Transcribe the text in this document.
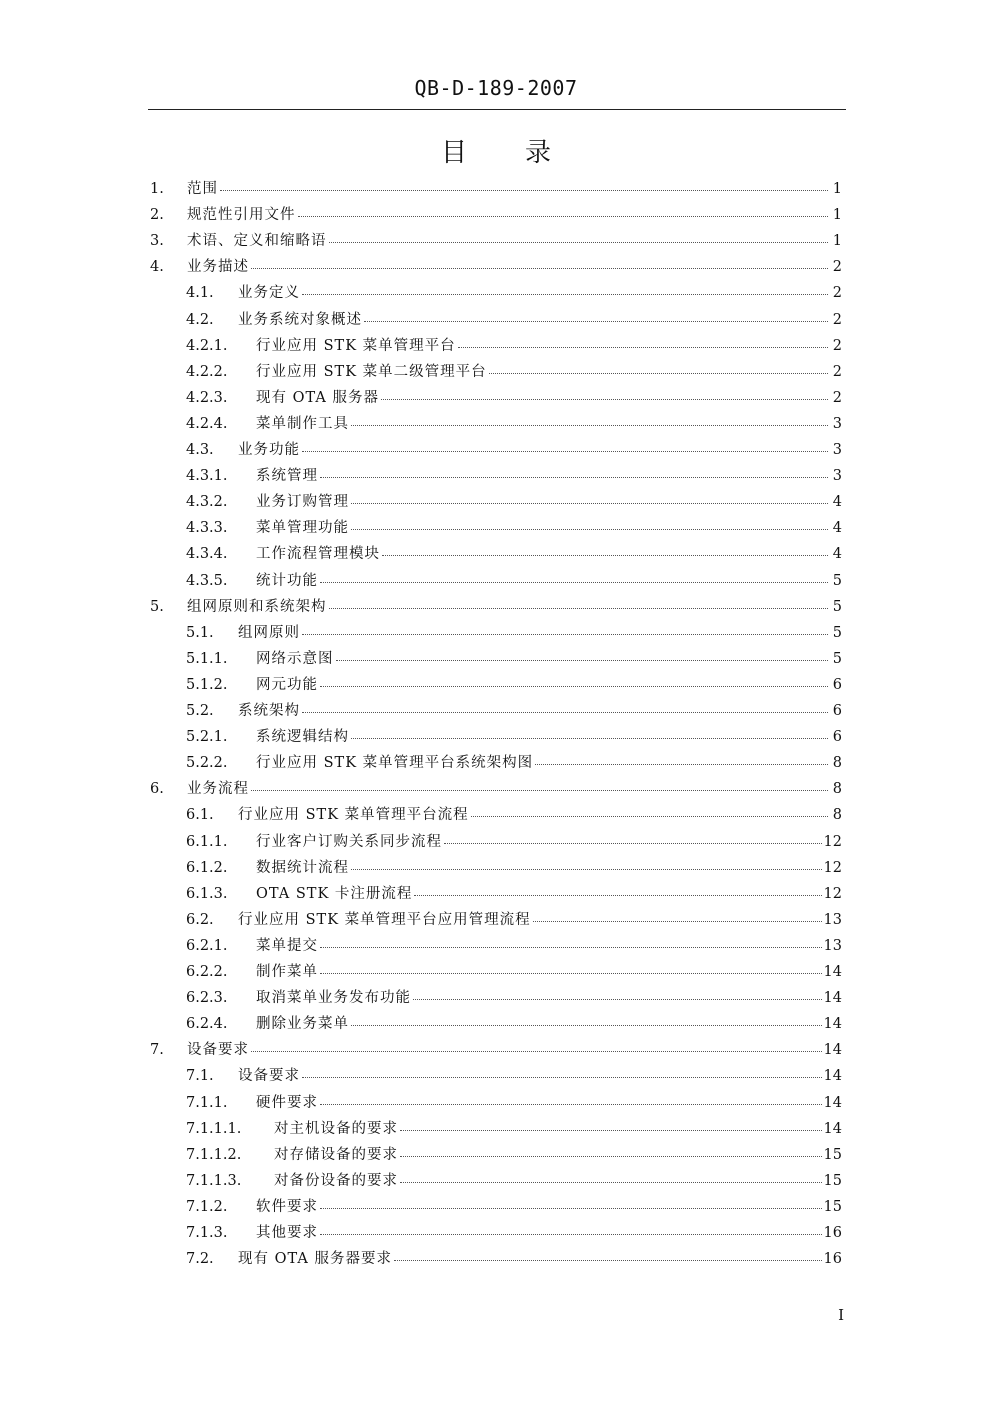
QB-D-189-2007
目录
1. 范围	1
2. 规范性引用文件	1
3. 术语、定义和缩略语	1
4. 业务描述	2
4.1. 业务定义	2
4.2. 业务系统对象概述	2
4.2.1. 行业应用 STK 菜单管理平台	2
4.2.2. 行业应用 STK 菜单二级管理平台	2
4.2.3. 现有 OTA 服务器	2
4.2.4. 菜单制作工具	3
4.3. 业务功能	3
4.3.1. 系统管理	3
4.3.2. 业务订购管理	4
4.3.3. 菜单管理功能	4
4.3.4. 工作流程管理模块	4
4.3.5. 统计功能	5
5. 组网原则和系统架构	5
5.1. 组网原则	5
5.1.1. 网络示意图	5
5.1.2. 网元功能	6
5.2. 系统架构	6
5.2.1. 系统逻辑结构	6
5.2.2. 行业应用 STK 菜单管理平台系统架构图	8
6. 业务流程	8
6.1. 行业应用 STK 菜单管理平台流程	8
6.1.1. 行业客户订购关系同步流程	12
6.1.2. 数据统计流程	12
6.1.3. OTA STK 卡注册流程	12
6.2. 行业应用 STK 菜单管理平台应用管理流程	13
6.2.1. 菜单提交	13
6.2.2. 制作菜单	14
6.2.3. 取消菜单业务发布功能	14
6.2.4. 删除业务菜单	14
7. 设备要求	14
7.1. 设备要求	14
7.1.1. 硬件要求	14
7.1.1.1. 对主机设备的要求	14
7.1.1.2. 对存储设备的要求	15
7.1.1.3. 对备份设备的要求	15
7.1.2. 软件要求	15
7.1.3. 其他要求	16
7.2. 现有 OTA 服务器要求	16
I
